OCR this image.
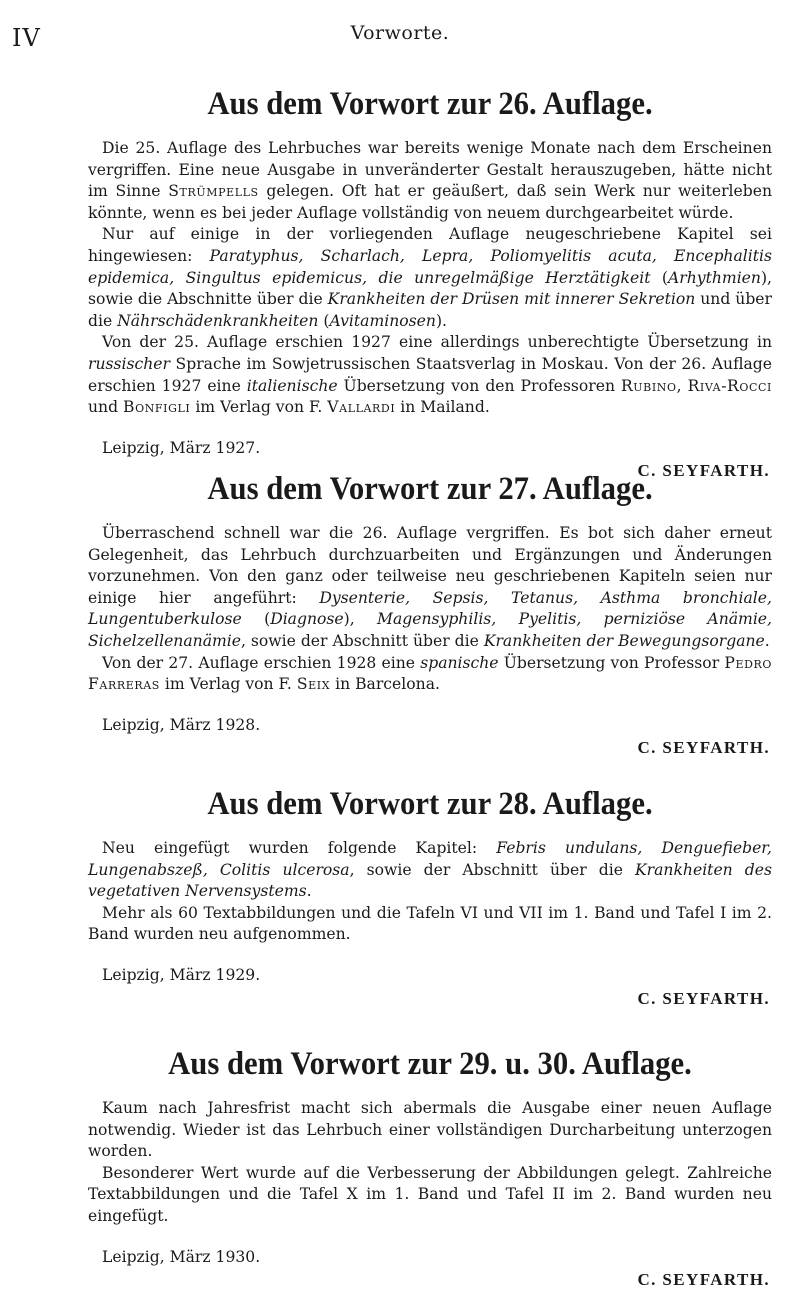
IV	Vorworte.
Aus dem Vorwort zur 26. Auflage.

Die 25. Auflage des Lehrbuches war bereits wenige Monate nach dem Erscheinen vergriffen. Eine neue Ausgabe in unveränderter Gestalt herauszugeben, hätte nicht im Sinne Strümpells gelegen. Oft hat er geäußert, daß sein Werk nur weiterleben könnte, wenn es bei jeder Auflage vollständig von neuem durchgearbeitet würde.

Nur auf einige in der vorliegenden Auflage neugeschriebene Kapitel sei hingewiesen: Paratyphus, Scharlach, Lepra, Poliomyelitis acuta, Encephalitis epidemica, Singultus epidemicus, die unregelmäßige Herztätigkeit (Arhythmien), sowie die Abschnitte über die Krankheiten der Drüsen mit innerer Sekretion und über die Nährschädenkrankheiten (Avitaminosen).

Von der 25. Auflage erschien 1927 eine allerdings unberechtigte Übersetzung in russischer Sprache im Sowjetrussischen Staatsverlag in Moskau. Von der 26. Auflage erschien 1927 eine italienische Übersetzung von den Professoren Rubino, Riva-Rocci und Bonfigli im Verlag von F. Vallardi in Mailand.

Leipzig, März 1927.

C. SEYFARTH.

Aus dem Vorwort zur 27. Auflage.

Überraschend schnell war die 26. Auflage vergriffen. Es bot sich daher erneut Gelegenheit, das Lehrbuch durchzuarbeiten und Ergänzungen und Änderungen vorzunehmen. Von den ganz oder teilweise neu geschriebenen Kapiteln seien nur einige hier angeführt: Dysenterie, Sepsis, Tetanus, Asthma bronchiale, Lungentuberkulose (Diagnose), Magensyphilis, Pyelitis, perniziöse Anämie, Sichelzellenanämie, sowie der Abschnitt über die Krankheiten der Bewegungsorgane.

Von der 27. Auflage erschien 1928 eine spanische Übersetzung von Professor Pedro Farreras im Verlag von F. Seix in Barcelona.

Leipzig, März 1928.

C. SEYFARTH.

Aus dem Vorwort zur 28. Auflage.

Neu eingefügt wurden folgende Kapitel: Febris undulans, Denguefieber, Lungenabszeß, Colitis ulcerosa, sowie der Abschnitt über die Krankheiten des vegetativen Nervensystems.

Mehr als 60 Textabbildungen und die Tafeln VI und VII im 1. Band und Tafel I im 2. Band wurden neu aufgenommen.

Leipzig, März 1929.

C. SEYFARTH.

Aus dem Vorwort zur 29. u. 30. Auflage.

Kaum nach Jahresfrist macht sich abermals die Ausgabe einer neuen Auflage notwendig. Wieder ist das Lehrbuch einer vollständigen Durcharbeitung unterzogen worden.

Besonderer Wert wurde auf die Verbesserung der Abbildungen gelegt. Zahlreiche Textabbildungen und die Tafel X im 1. Band und Tafel II im 2. Band wurden neu eingefügt.

Leipzig, März 1930.

C. SEYFARTH.
